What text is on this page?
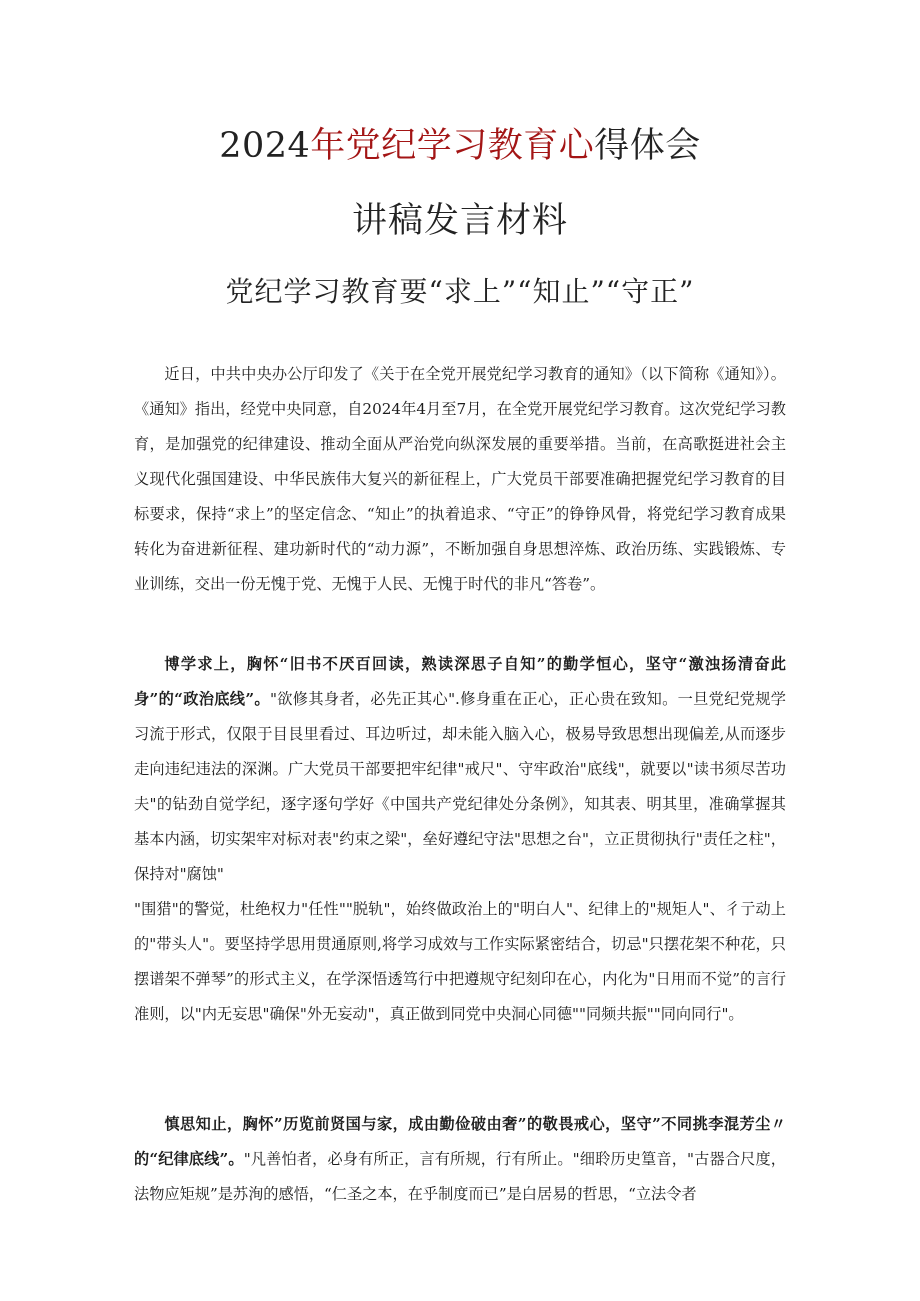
2024年党纪学习教育心得体会
讲稿发言材料
党纪学习教育要“求上”“知止”“守正”

近日，中共中央办公厅印发了《关于在全党开展党纪学习教育的通知》（以下简称《通知》）。《通知》指出，经党中央同意，自2024年4月至7月，在全党开展党纪学习教育。这次党纪学习教育，是加强党的纪律建设、推动全面从严治党向纵深发展的重要举措。当前，在高歌挺进社会主义现代化强国建设、中华民族伟大复兴的新征程上，广大党员干部要准确把握党纪学习教育的目标要求，保持“求上”的坚定信念、“知止”的执着追求、“守正”的铮铮风骨，将党纪学习教育成果转化为奋进新征程、建功新时代的“动力源”，不断加强自身思想淬炼、政治历练、实践锻炼、专业训练，交出一份无愧于党、无愧于人民、无愧于时代的非凡“答卷”。

博学求上，胸怀“旧书不厌百回读，熟读深思子自知”的勤学恒心，坚守“激浊扬清奋此身”的“政治底线”。"欲修其身者，必先正其心".修身重在正心，正心贵在致知。一旦党纪党规学习流于形式，仅限于目艮里看过、耳边听过，却未能入脑入心，极易导致思想出现偏差,从而逐步走向违纪违法的深渊。广大党员干部要把牢纪律"戒尺"、守牢政治"底线"，就要以"读书须尽苦功夫"的钻劲自觉学纪，逐字逐句学好《中国共产党纪律处分条例》，知其表、明其里，准确掌握其基本内涵，切实架牢对标对表"约束之梁"，垒好遵纪守法"思想之台"，立正贯彻执行"责任之柱"，保持对"腐蚀"

"围猎"的警觉，杜绝权力"任性""脱轨"，始终做政治上的"明白人"、纪律上的"规矩人"、彳亍动上的"带头人"。要坚持学思用贯通原则,将学习成效与工作实际紧密结合，切忌"只摆花架不种花，只摆谱架不弹琴”的形式主义，在学深悟透笃行中把遵规守纪刻印在心，内化为"日用而不觉”的言行准则，以"内无妄思"确保"外无妄动"，真正做到同党中央洞心同德""同频共振""同向同行"。

慎思知止，胸怀”历览前贤国与家，成由勤俭破由奢”的敬畏戒心，坚守”不同挑李混芳尘〃的“纪律底线”。"凡善怕者，必身有所正，言有所规，行有所止。"细聆历史篁音，"古器合尺度，法物应矩规”是苏洵的感悟，“仁圣之本，在乎制度而已”是白居易的哲思，“立法令者
